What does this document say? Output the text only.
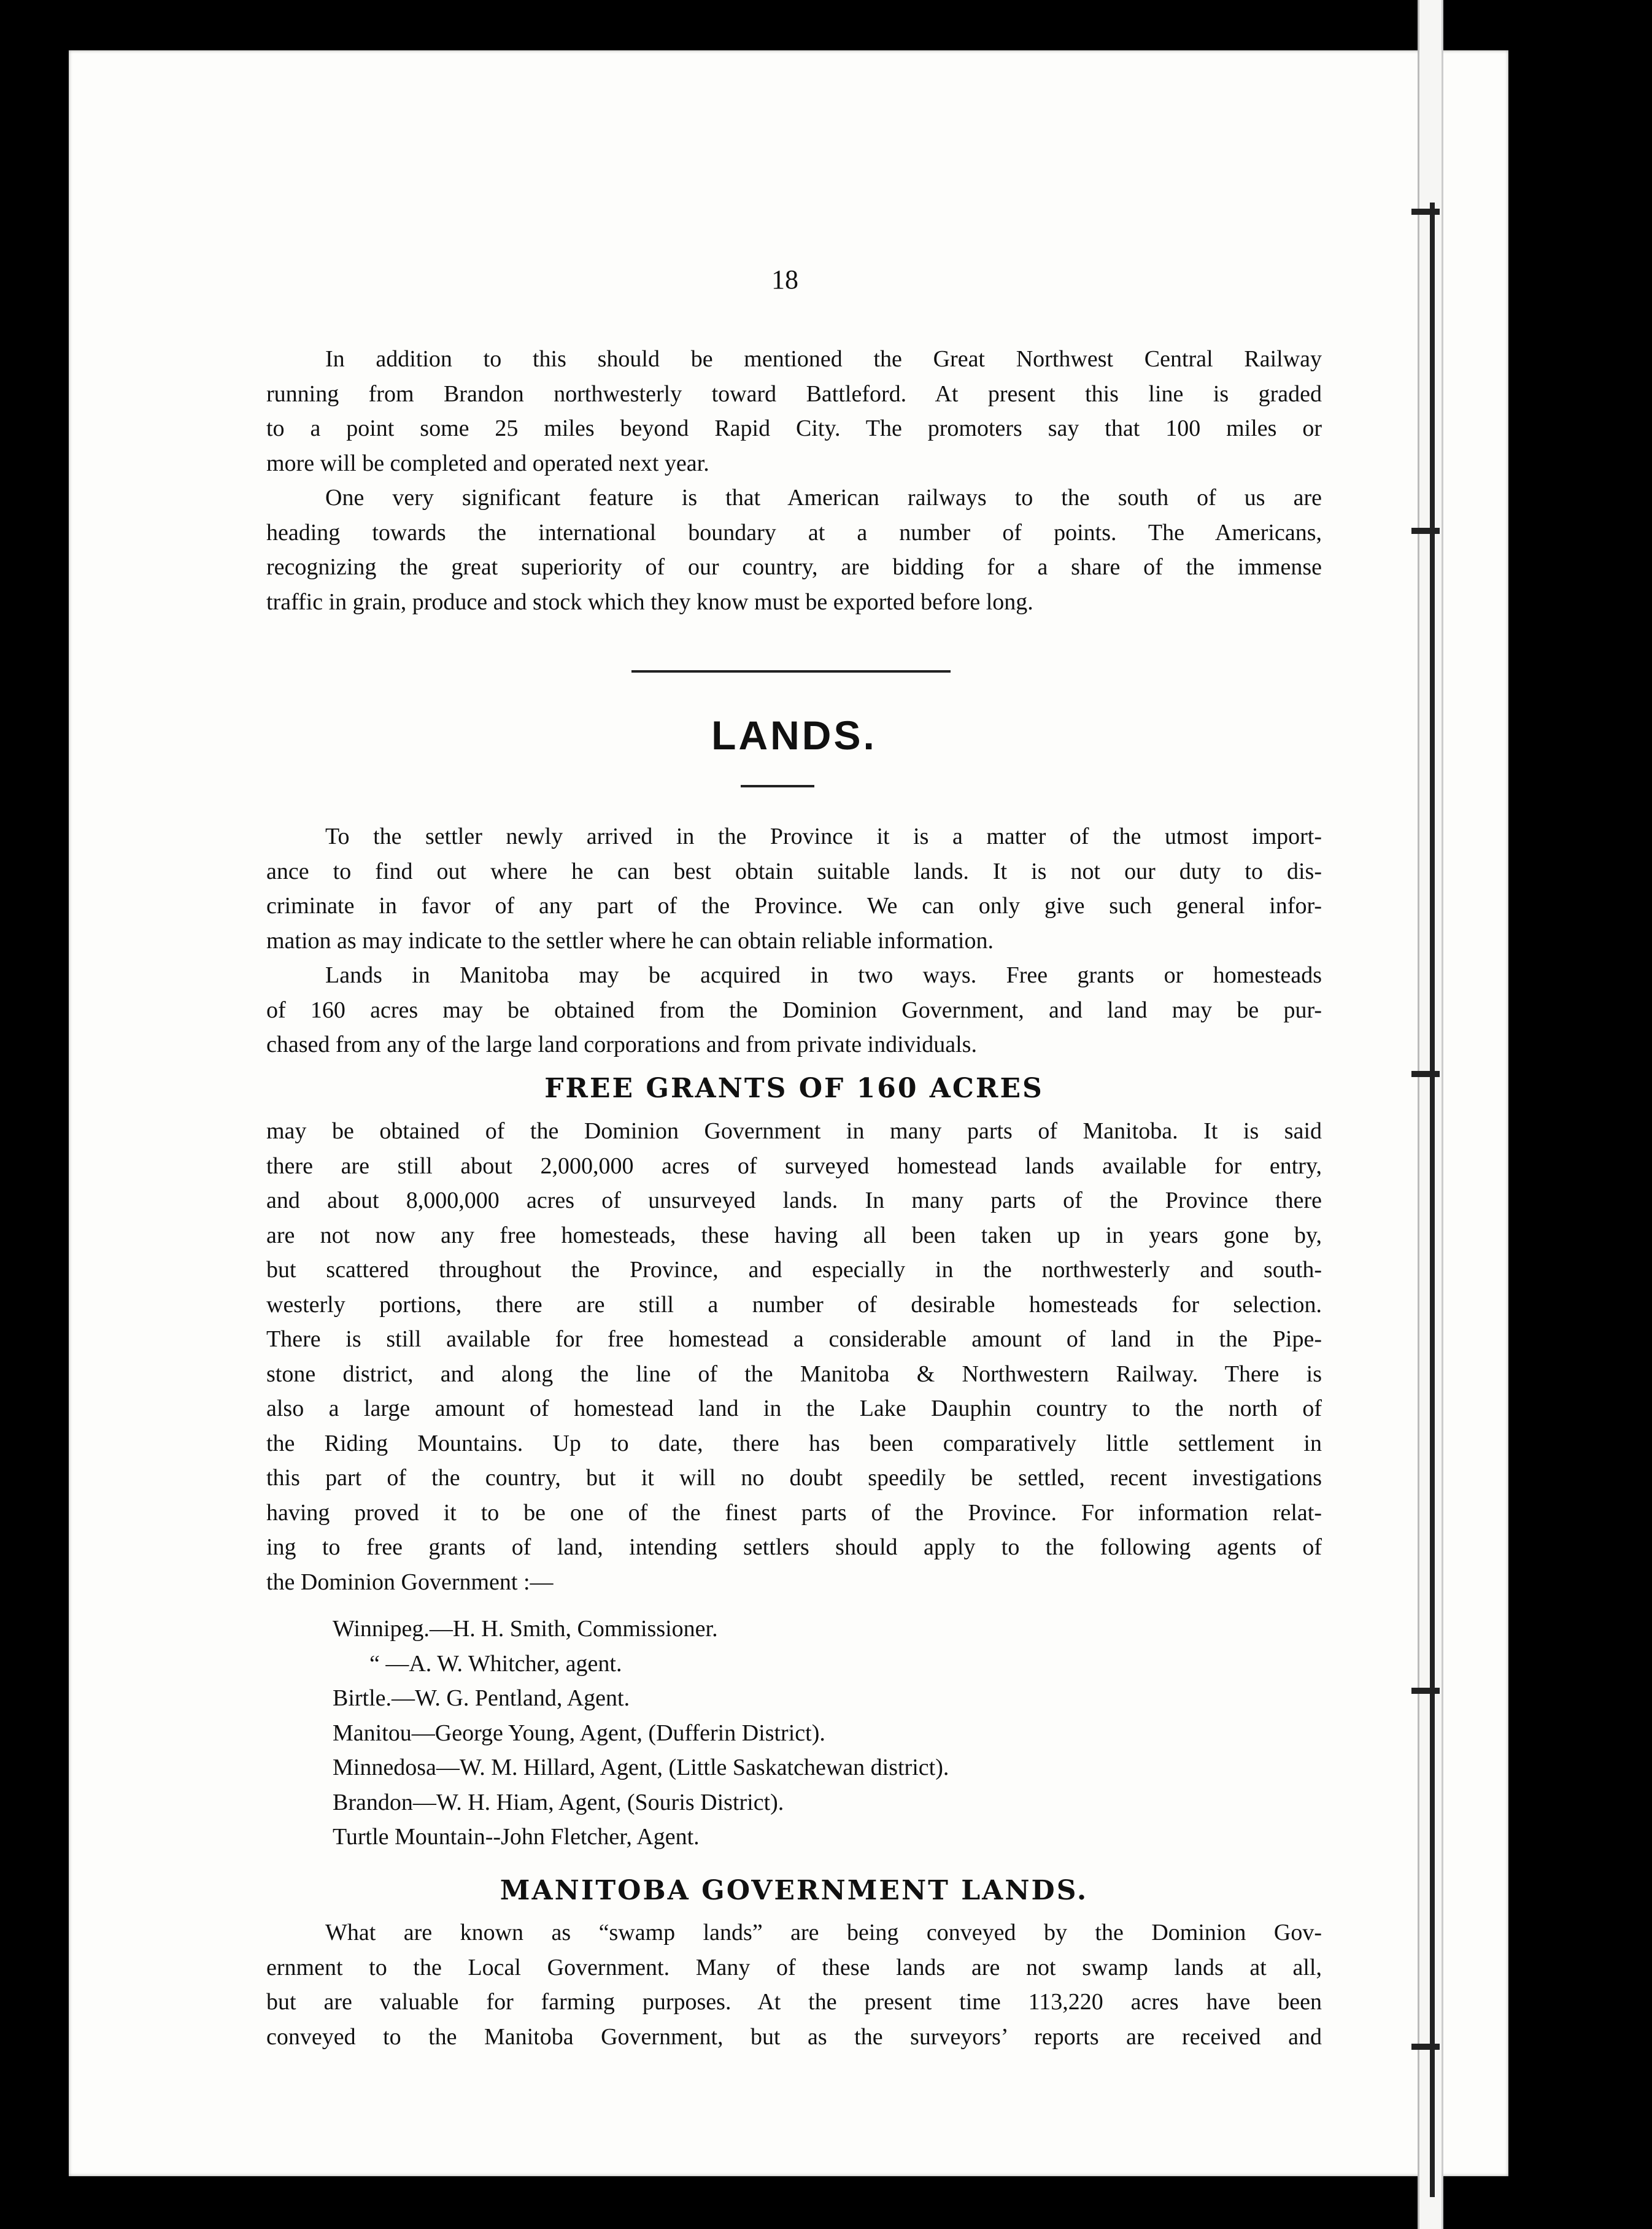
18

In addition to this should be mentioned the Great Northwest Central Railway

running from Brandon northwesterly toward Battleford. At present this line is graded

to a point some 25 miles beyond Rapid City. The promoters say that 100 miles or

more will be completed and operated next year.

One very significant feature is that American railways to the south of us are

heading towards the international boundary at a number of points. The Americans,

recognizing the great superiority of our country, are bidding for a share of the immense

traffic in grain, produce and stock which they know must be exported before long.

LANDS.

To the settler newly arrived in the Province it is a matter of the utmost import-

ance to find out where he can best obtain suitable lands. It is not our duty to dis-

criminate in favor of any part of the Province. We can only give such general infor-

mation as may indicate to the settler where he can obtain reliable information.

Lands in Manitoba may be acquired in two ways. Free grants or homesteads

of 160 acres may be obtained from the Dominion Government, and land may be pur-

chased from any of the large land corporations and from private individuals.

FREE GRANTS OF 160 ACRES

may be obtained of the Dominion Government in many parts of Manitoba. It is said

there are still about 2,000,000 acres of surveyed homestead lands available for entry,

and about 8,000,000 acres of unsurveyed lands. In many parts of the Province there

are not now any free homesteads, these having all been taken up in years gone by,

but scattered throughout the Province, and especially in the northwesterly and south-

westerly portions, there are still a number of desirable homesteads for selection.

There is still available for free homestead a considerable amount of land in the Pipe-

stone district, and along the line of the Manitoba & Northwestern Railway. There is

also a large amount of homestead land in the Lake Dauphin country to the north of

the Riding Mountains. Up to date, there has been comparatively little settlement in

this part of the country, but it will no doubt speedily be settled, recent investigations

having proved it to be one of the finest parts of the Province. For information relat-

ing to free grants of land, intending settlers should apply to the following agents of

the Dominion Government :—

Winnipeg.—H. H. Smith, Commissioner.
“ —A. W. Whitcher, agent.
Birtle.—W. G. Pentland, Agent.
Manitou—George Young, Agent, (Dufferin District).
Minnedosa—W. M. Hillard, Agent, (Little Saskatchewan district).
Brandon—W. H. Hiam, Agent, (Souris District).
Turtle Mountain--John Fletcher, Agent.
MANITOBA GOVERNMENT LANDS.

What are known as “swamp lands” are being conveyed by the Dominion Gov-

ernment to the Local Government. Many of these lands are not swamp lands at all,

but are valuable for farming purposes. At the present time 113,220 acres have been

conveyed to the Manitoba Government, but as the surveyors’ reports are received and
